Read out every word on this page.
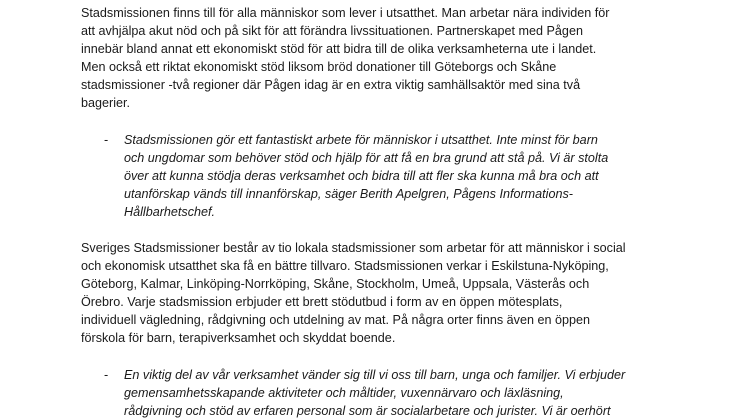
Stadsmissionen finns till för alla människor som lever i utsatthet. Man arbetar nära individen för
att avhjälpa akut nöd och på sikt för att förändra livssituationen. Partnerskapet med Pågen
innebär bland annat ett ekonomiskt stöd för att bidra till de olika verksamheterna ute i landet.
Men också ett riktat ekonomiskt stöd liksom bröd donationer till Göteborgs och Skåne
stadsmissioner -två regioner där Pågen idag är en extra viktig samhällsaktör med sina två
bagerier.
- Stadsmissionen gör ett fantastiskt arbete för människor i utsatthet. Inte minst för barn
och ungdomar som behöver stöd och hjälp för att få en bra grund att stå på. Vi är stolta
över att kunna stödja deras verksamhet och bidra till att fler ska kunna må bra och att
utanförskap vänds till innanförskap, säger Berith Apelgren, Pågens Informations-
Hållbarhetschef.
Sveriges Stadsmissioner består av tio lokala stadsmissioner som arbetar för att människor i social
och ekonomisk utsatthet ska få en bättre tillvaro. Stadsmissionen verkar i Eskilstuna-Nyköping,
Göteborg, Kalmar, Linköping-Norrköping, Skåne, Stockholm, Umeå, Uppsala, Västerås och
Örebro. Varje stadsmission erbjuder ett brett stödutbud i form av en öppen mötesplats,
individuell vägledning, rådgivning och utdelning av mat. På några orter finns även en öppen
förskola för barn, terapiverksamhet och skyddat boende.
- En viktig del av vår verksamhet vänder sig till vi oss till barn, unga och familjer. Vi erbjuder
gemensamhetsskapande aktiviteter och måltider, vuxennärvaro och läxläsning,
rådgivning och stöd av erfaren personal som är socialarbetare och jurister. Vi är oerhört
